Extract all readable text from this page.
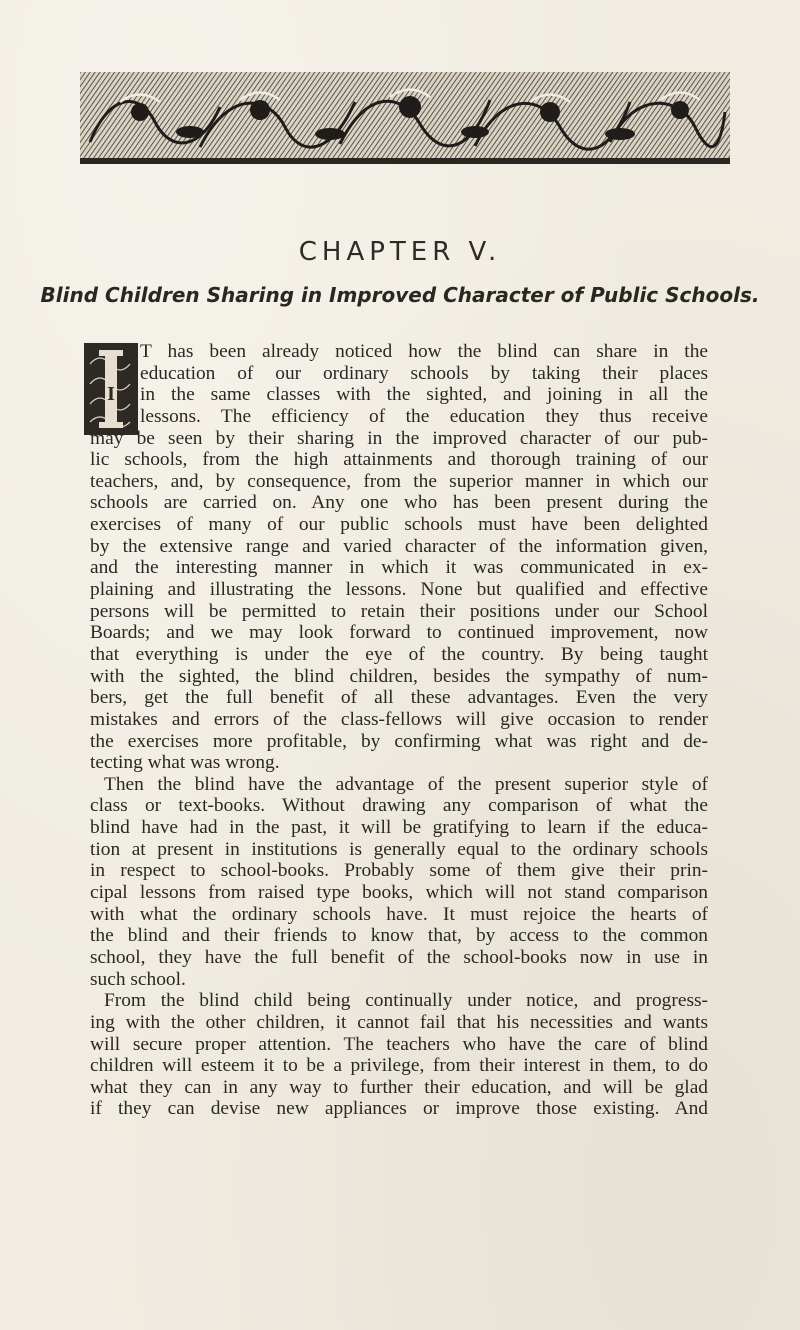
CHAPTER V.
Blind Children Sharing in Improved Character of Public Schools.
I
T has been already noticed how the blind can share in the
education of our ordinary schools by taking their places
in the same classes with the sighted, and joining in all the
lessons. The efficiency of the education they thus receive
may be seen by their sharing in the improved character of our pub-
lic schools, from the high attainments and thorough training of our
teachers, and, by consequence, from the superior manner in which our
schools are carried on. Any one who has been present during the
exercises of many of our public schools must have been delighted
by the extensive range and varied character of the information given,
and the interesting manner in which it was communicated in ex-
plaining and illustrating the lessons. None but qualified and effective
persons will be permitted to retain their positions under our School
Boards; and we may look forward to continued improvement, now
that everything is under the eye of the country. By being taught
with the sighted, the blind children, besides the sympathy of num-
bers, get the full benefit of all these advantages. Even the very
mistakes and errors of the class-fellows will give occasion to render
the exercises more profitable, by confirming what was right and de-
tecting what was wrong.
Then the blind have the advantage of the present superior style of
class or text-books. Without drawing any comparison of what the
blind have had in the past, it will be gratifying to learn if the educa-
tion at present in institutions is generally equal to the ordinary schools
in respect to school-books. Probably some of them give their prin-
cipal lessons from raised type books, which will not stand comparison
with what the ordinary schools have. It must rejoice the hearts of
the blind and their friends to know that, by access to the common
school, they have the full benefit of the school-books now in use in
such school.
From the blind child being continually under notice, and progress-
ing with the other children, it cannot fail that his necessities and wants
will secure proper attention. The teachers who have the care of blind
children will esteem it to be a privilege, from their interest in them, to do
what they can in any way to further their education, and will be glad
if they can devise new appliances or improve those existing. And
